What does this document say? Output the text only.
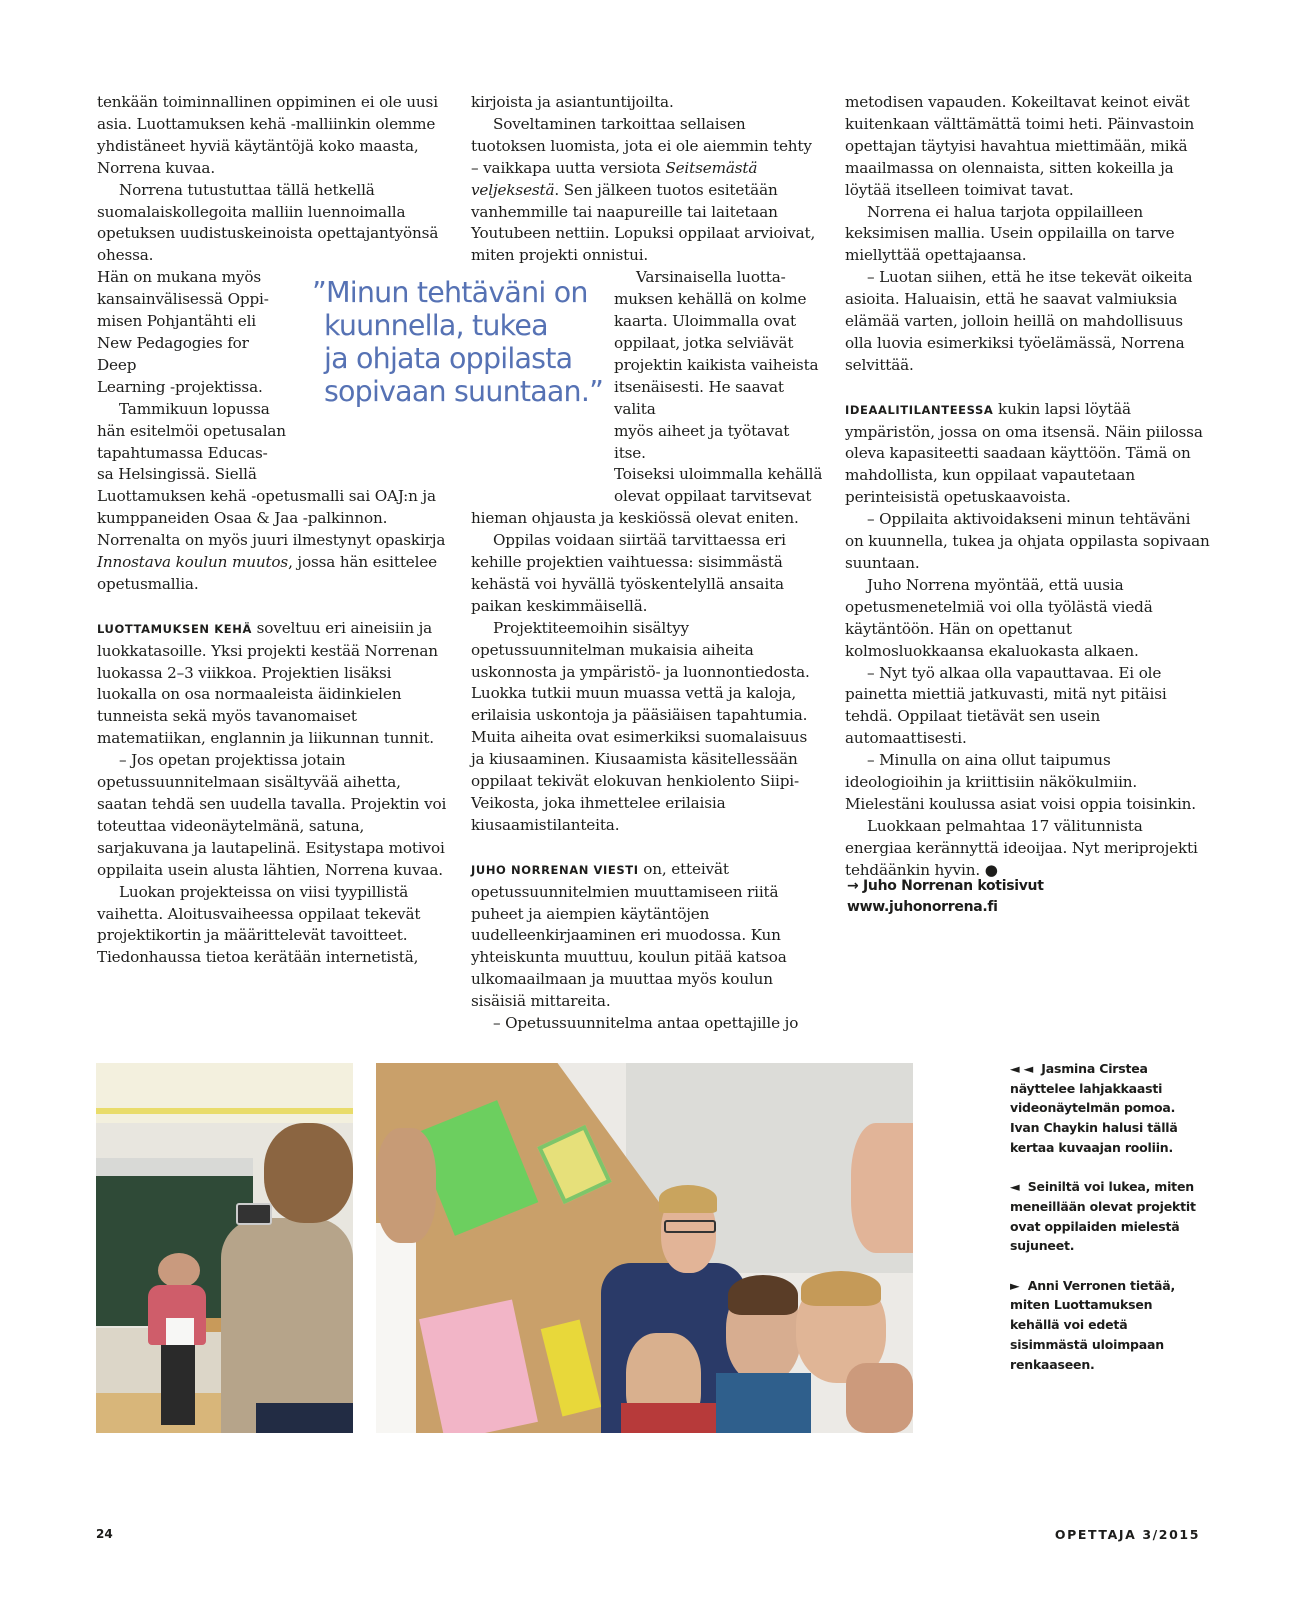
tenkään toiminnallinen oppiminen ei ole uusi asia. Luottamuksen kehä -malliinkin olemme yhdistäneet hyviä käytäntöjä koko maasta, Norrena kuvaa.

Norrena tutustuttaa tällä hetkellä suomalaiskollegoita malliin luennoimalla opetuksen uudistuskeinoista opettajantyönsä ohessa.

Hän on mukana myös
kansainvälisessä Oppi-
misen Pohjantähti eli
New Pedagogies for Deep
Learning -projektissa.
Tammikuun lopussa
hän esitelmöi opetusalan
tapahtumassa Educas-
sa Helsingissä. Siellä

Luottamuksen kehä -opetusmalli sai OAJ:n ja kumppaneiden Osaa & Jaa -palkinnon. Norrenalta on myös juuri ilmestynyt opaskirja Innostava koulun muutos, jossa hän esittelee opetusmallia.

LUOTTAMUKSEN KEHÄ soveltuu eri aineisiin ja luokkatasoille. Yksi projekti kestää Norrenan luokassa 2–3 viikkoa. Projektien lisäksi luokalla on osa normaaleista äidinkielen tunneista sekä myös tavanomaiset matematiikan, englannin ja liikunnan tunnit.

– Jos opetan projektissa jotain opetussuunnitelmaan sisältyvää aihetta, saatan tehdä sen uudella tavalla. Projektin voi toteuttaa videonäytelmänä, satuna, sarjakuvana ja lautapelinä. Esitystapa motivoi oppilaita usein alusta lähtien, Norrena kuvaa.

Luokan projekteissa on viisi tyypillistä vaihetta. Aloitusvaiheessa oppilaat tekevät projektikortin ja määrittelevät tavoitteet. Tiedonhaussa tietoa kerätään internetistä,

”Minun tehtäväni on
kuunnella, tukea
ja ohjata oppilasta
sopivaan suuntaan.”

kirjoista ja asiantuntijoilta.

Soveltaminen tarkoittaa sellaisen tuotoksen luomista, jota ei ole aiemmin tehty – vaikkapa uutta versiota Seitsemästä veljeksestä. Sen jälkeen tuotos esitetään vanhemmille tai naapureille tai laitetaan Youtubeen nettiin. Lopuksi oppilaat arvioivat, miten projekti onnistui.

Varsinaisella luotta-
muksen kehällä on kolme
kaarta. Uloimmalla ovat
oppilaat, jotka selviävät
projektin kaikista vaiheista
itsenäisesti. He saavat valita
myös aiheet ja työtavat itse.
Toiseksi uloimmalla kehällä
olevat oppilaat tarvitsevat

hieman ohjausta ja keskiössä olevat eniten.

Oppilas voidaan siirtää tarvittaessa eri kehille projektien vaihtuessa: sisimmästä kehästä voi hyvällä työskentelyllä ansaita paikan keskimmäisellä.

Projektiteemoihin sisältyy opetussuunnitelman mukaisia aiheita uskonnosta ja ympäristö- ja luonnontiedosta. Luokka tutkii muun muassa vettä ja kaloja, erilaisia uskontoja ja pääsiäisen tapahtumia. Muita aiheita ovat esimerkiksi suomalaisuus ja kiusaaminen. Kiusaamista käsitellessään oppilaat tekivät elokuvan henkiolento Siipi-Veikosta, joka ihmettelee erilaisia kiusaamistilanteita.

JUHO NORRENAN VIESTI on, etteivät opetussuunnitelmien muuttamiseen riitä puheet ja aiempien käytäntöjen uudelleenkirjaaminen eri muodossa. Kun yhteiskunta muuttuu, koulun pitää katsoa ulkomaailmaan ja muuttaa myös koulun sisäisiä mittareita.

– Opetussuunnitelma antaa opettajille jo

metodisen vapauden. Kokeiltavat keinot eivät kuitenkaan välttämättä toimi heti. Päinvastoin opettajan täytyisi havahtua miettimään, mikä maailmassa on olennaista, sitten kokeilla ja löytää itselleen toimivat tavat.

Norrena ei halua tarjota oppilailleen keksimisen mallia. Usein oppilailla on tarve miellyttää opettajaansa.

– Luotan siihen, että he itse tekevät oikeita asioita. Haluaisin, että he saavat valmiuksia elämää varten, jolloin heillä on mahdollisuus olla luovia esimerkiksi työelämässä, Norrena selvittää.

IDEAALITILANTEESSA kukin lapsi löytää ympäristön, jossa on oma itsensä. Näin piilossa oleva kapasiteetti saadaan käyttöön. Tämä on mahdollista, kun oppilaat vapautetaan perinteisistä opetuskaavoista.

– Oppilaita aktivoidakseni minun tehtäväni on kuunnella, tukea ja ohjata oppilasta sopivaan suuntaan.

Juho Norrena myöntää, että uusia opetusmenetelmiä voi olla työlästä viedä käytäntöön. Hän on opettanut kolmosluokkaansa ekaluokasta alkaen.

– Nyt työ alkaa olla vapauttavaa. Ei ole painetta miettiä jatkuvasti, mitä nyt pitäisi tehdä. Oppilaat tietävät sen usein automaattisesti.

– Minulla on aina ollut taipumus ideologioihin ja kriittisiin näkökulmiin. Mielestäni koulussa asiat voisi oppia toisinkin.

Luokkaan pelmahtaa 17 välitunnista energiaa kerännyttä ideoijaa. Nyt meriprojekti tehdäänkin hyvin. ●

→ Juho Norrenan kotisivut
www.juhonorrena.fi

◄ ◄ Jasmina Cirstea näyttelee lahjakkaasti videonäytelmän pomoa. Ivan Chaykin halusi tällä kertaa kuvaajan rooliin.

◄ Seiniltä voi lukea, miten meneillään olevat projektit ovat oppilaiden mielestä sujuneet.

► Anni Verronen tietää, miten Luottamuksen kehällä voi edetä sisimmästä uloimpaan renkaaseen.

24	OPETTAJA 3/2015
